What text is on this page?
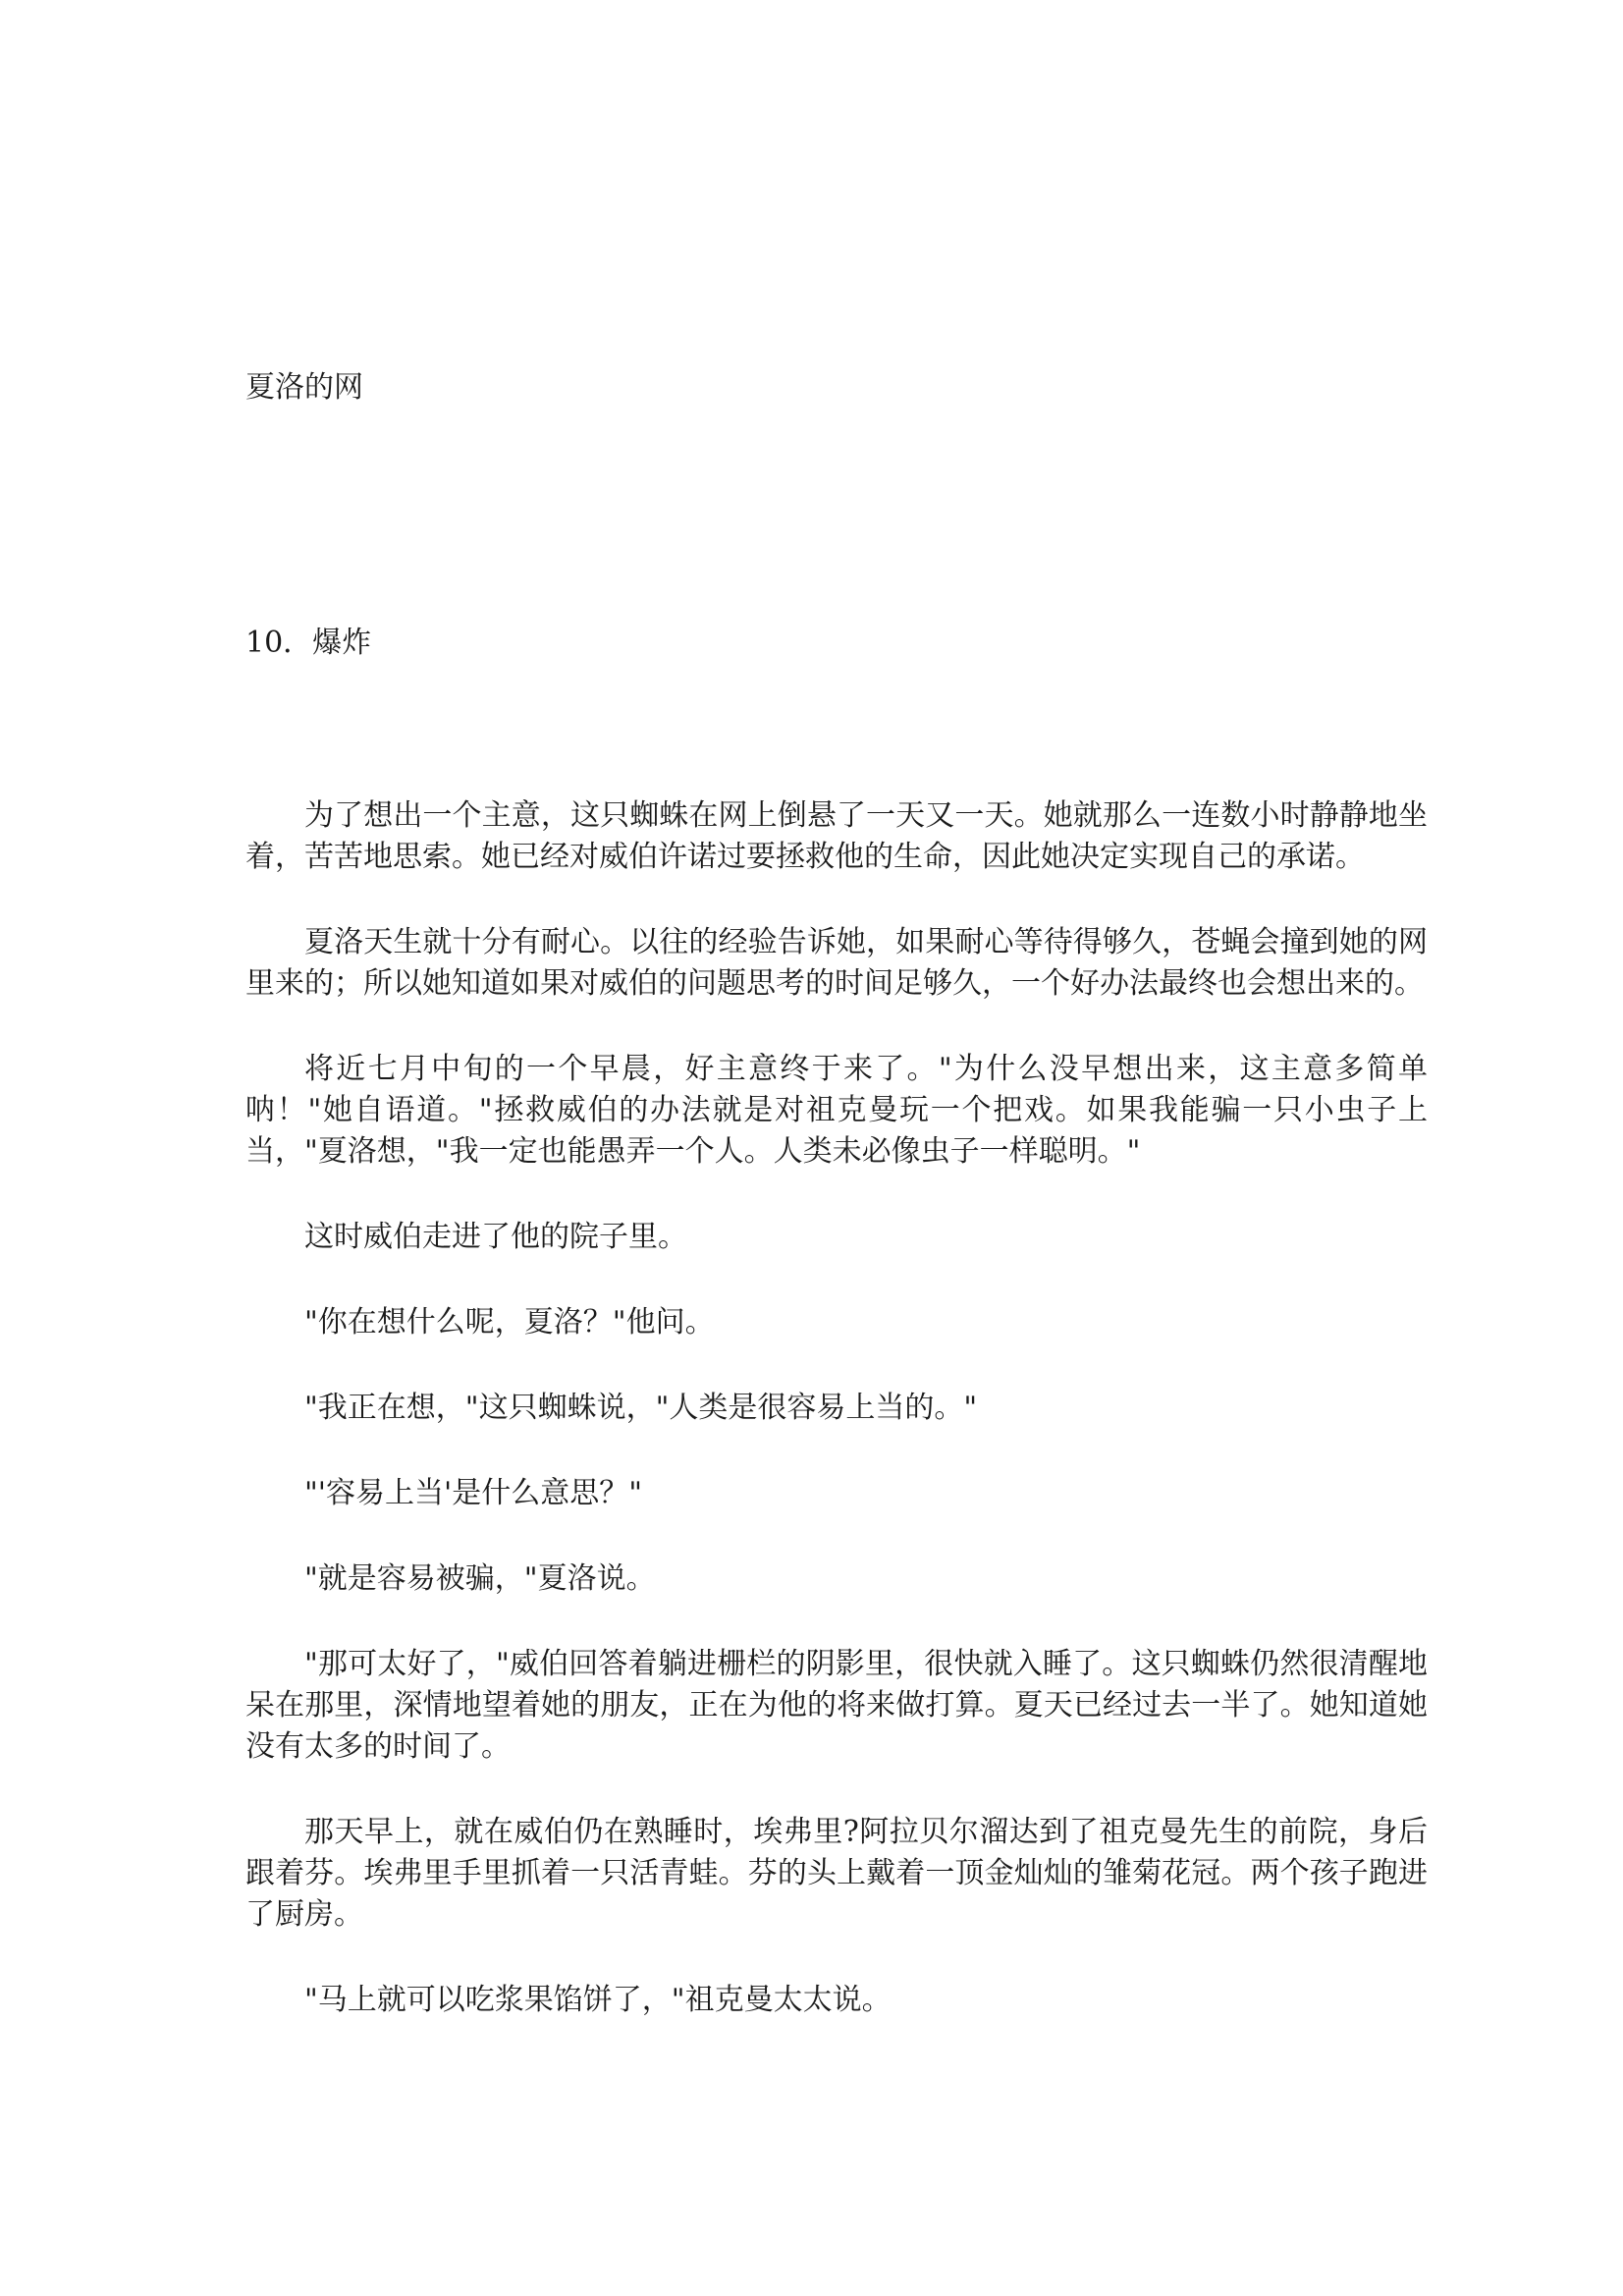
夏洛的网
10．爆炸

为了想出一个主意，这只蜘蛛在网上倒悬了一天又一天。她就那么一连数小时静静地坐着，苦苦地思索。她已经对威伯许诺过要拯救他的生命，因此她决定实现自己的承诺。

夏洛天生就十分有耐心。以往的经验告诉她，如果耐心等待得够久，苍蝇会撞到她的网里来的；所以她知道如果对威伯的问题思考的时间足够久，一个好办法最终也会想出来的。

将近七月中旬的一个早晨，好主意终于来了。"为什么没早想出来，这主意多简单呐！"她自语道。"拯救威伯的办法就是对祖克曼玩一个把戏。如果我能骗一只小虫子上当，"夏洛想，"我一定也能愚弄一个人。人类未必像虫子一样聪明。"

这时威伯走进了他的院子里。

"你在想什么呢，夏洛？"他问。

"我正在想，"这只蜘蛛说，"人类是很容易上当的。"

"'容易上当'是什么意思？"

"就是容易被骗，"夏洛说。

"那可太好了，"威伯回答着躺进栅栏的阴影里，很快就入睡了。这只蜘蛛仍然很清醒地呆在那里，深情地望着她的朋友，正在为他的将来做打算。夏天已经过去一半了。她知道她没有太多的时间了。

那天早上，就在威伯仍在熟睡时，埃弗里?阿拉贝尔溜达到了祖克曼先生的前院，身后跟着芬。埃弗里手里抓着一只活青蛙。芬的头上戴着一顶金灿灿的雏菊花冠。两个孩子跑进了厨房。

"马上就可以吃浆果馅饼了，"祖克曼太太说。
